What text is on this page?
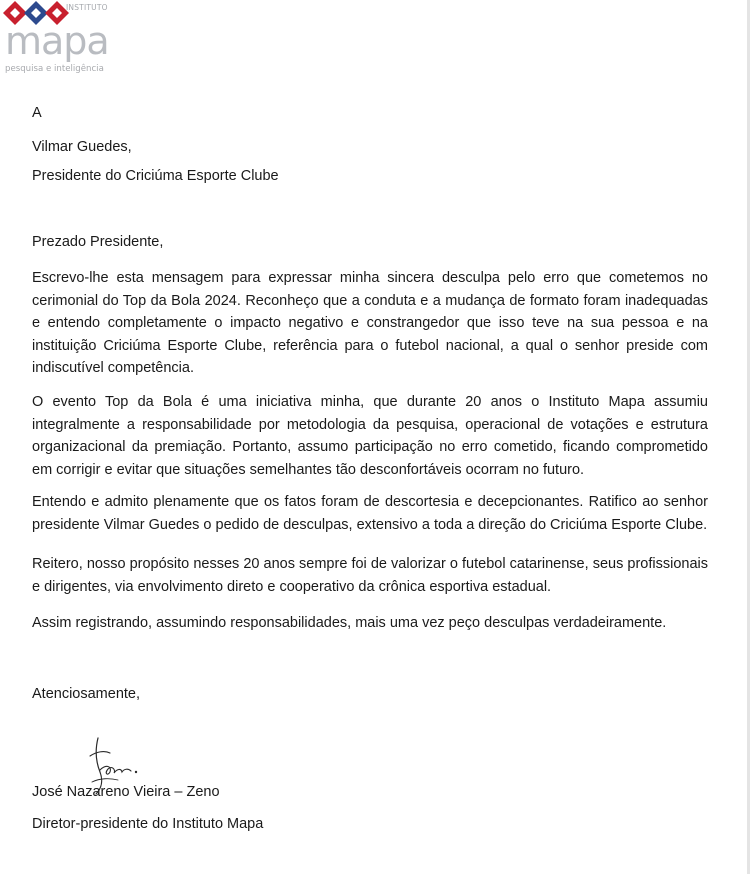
INSTITUTO
mapa
pesquisa e inteligência
A
Vilmar Guedes,
Presidente do Criciúma Esporte Clube
Prezado Presidente,
Escrevo-lhe esta mensagem para expressar minha sincera desculpa pelo erro que cometemos no cerimonial do Top da Bola 2024. Reconheço que a conduta e a mudança de formato foram inadequadas e entendo completamente o impacto negativo e constrangedor que isso teve na sua pessoa e na instituição Criciúma Esporte Clube, referência para o futebol nacional, a qual o senhor preside com indiscutível competência.
O evento Top da Bola é uma iniciativa minha, que durante 20 anos o Instituto Mapa assumiu integralmente a responsabilidade por metodologia da pesquisa, operacional de votações e estrutura organizacional da premiação. Portanto, assumo participação no erro cometido, ficando comprometido em corrigir e evitar que situações semelhantes tão desconfortáveis ocorram no futuro.
Entendo e admito plenamente que os fatos foram de descortesia e decepcionantes. Ratifico ao senhor presidente Vilmar Guedes o pedido de desculpas, extensivo a toda a direção do Criciúma Esporte Clube.
Reitero, nosso propósito nesses 20 anos sempre foi de valorizar o futebol catarinense, seus profissionais e dirigentes, via envolvimento direto e cooperativo da crônica esportiva estadual.
Assim registrando, assumindo responsabilidades, mais uma vez peço desculpas verdadeiramente.
Atenciosamente,
José Nazareno Vieira – Zeno
Diretor-presidente do Instituto Mapa
